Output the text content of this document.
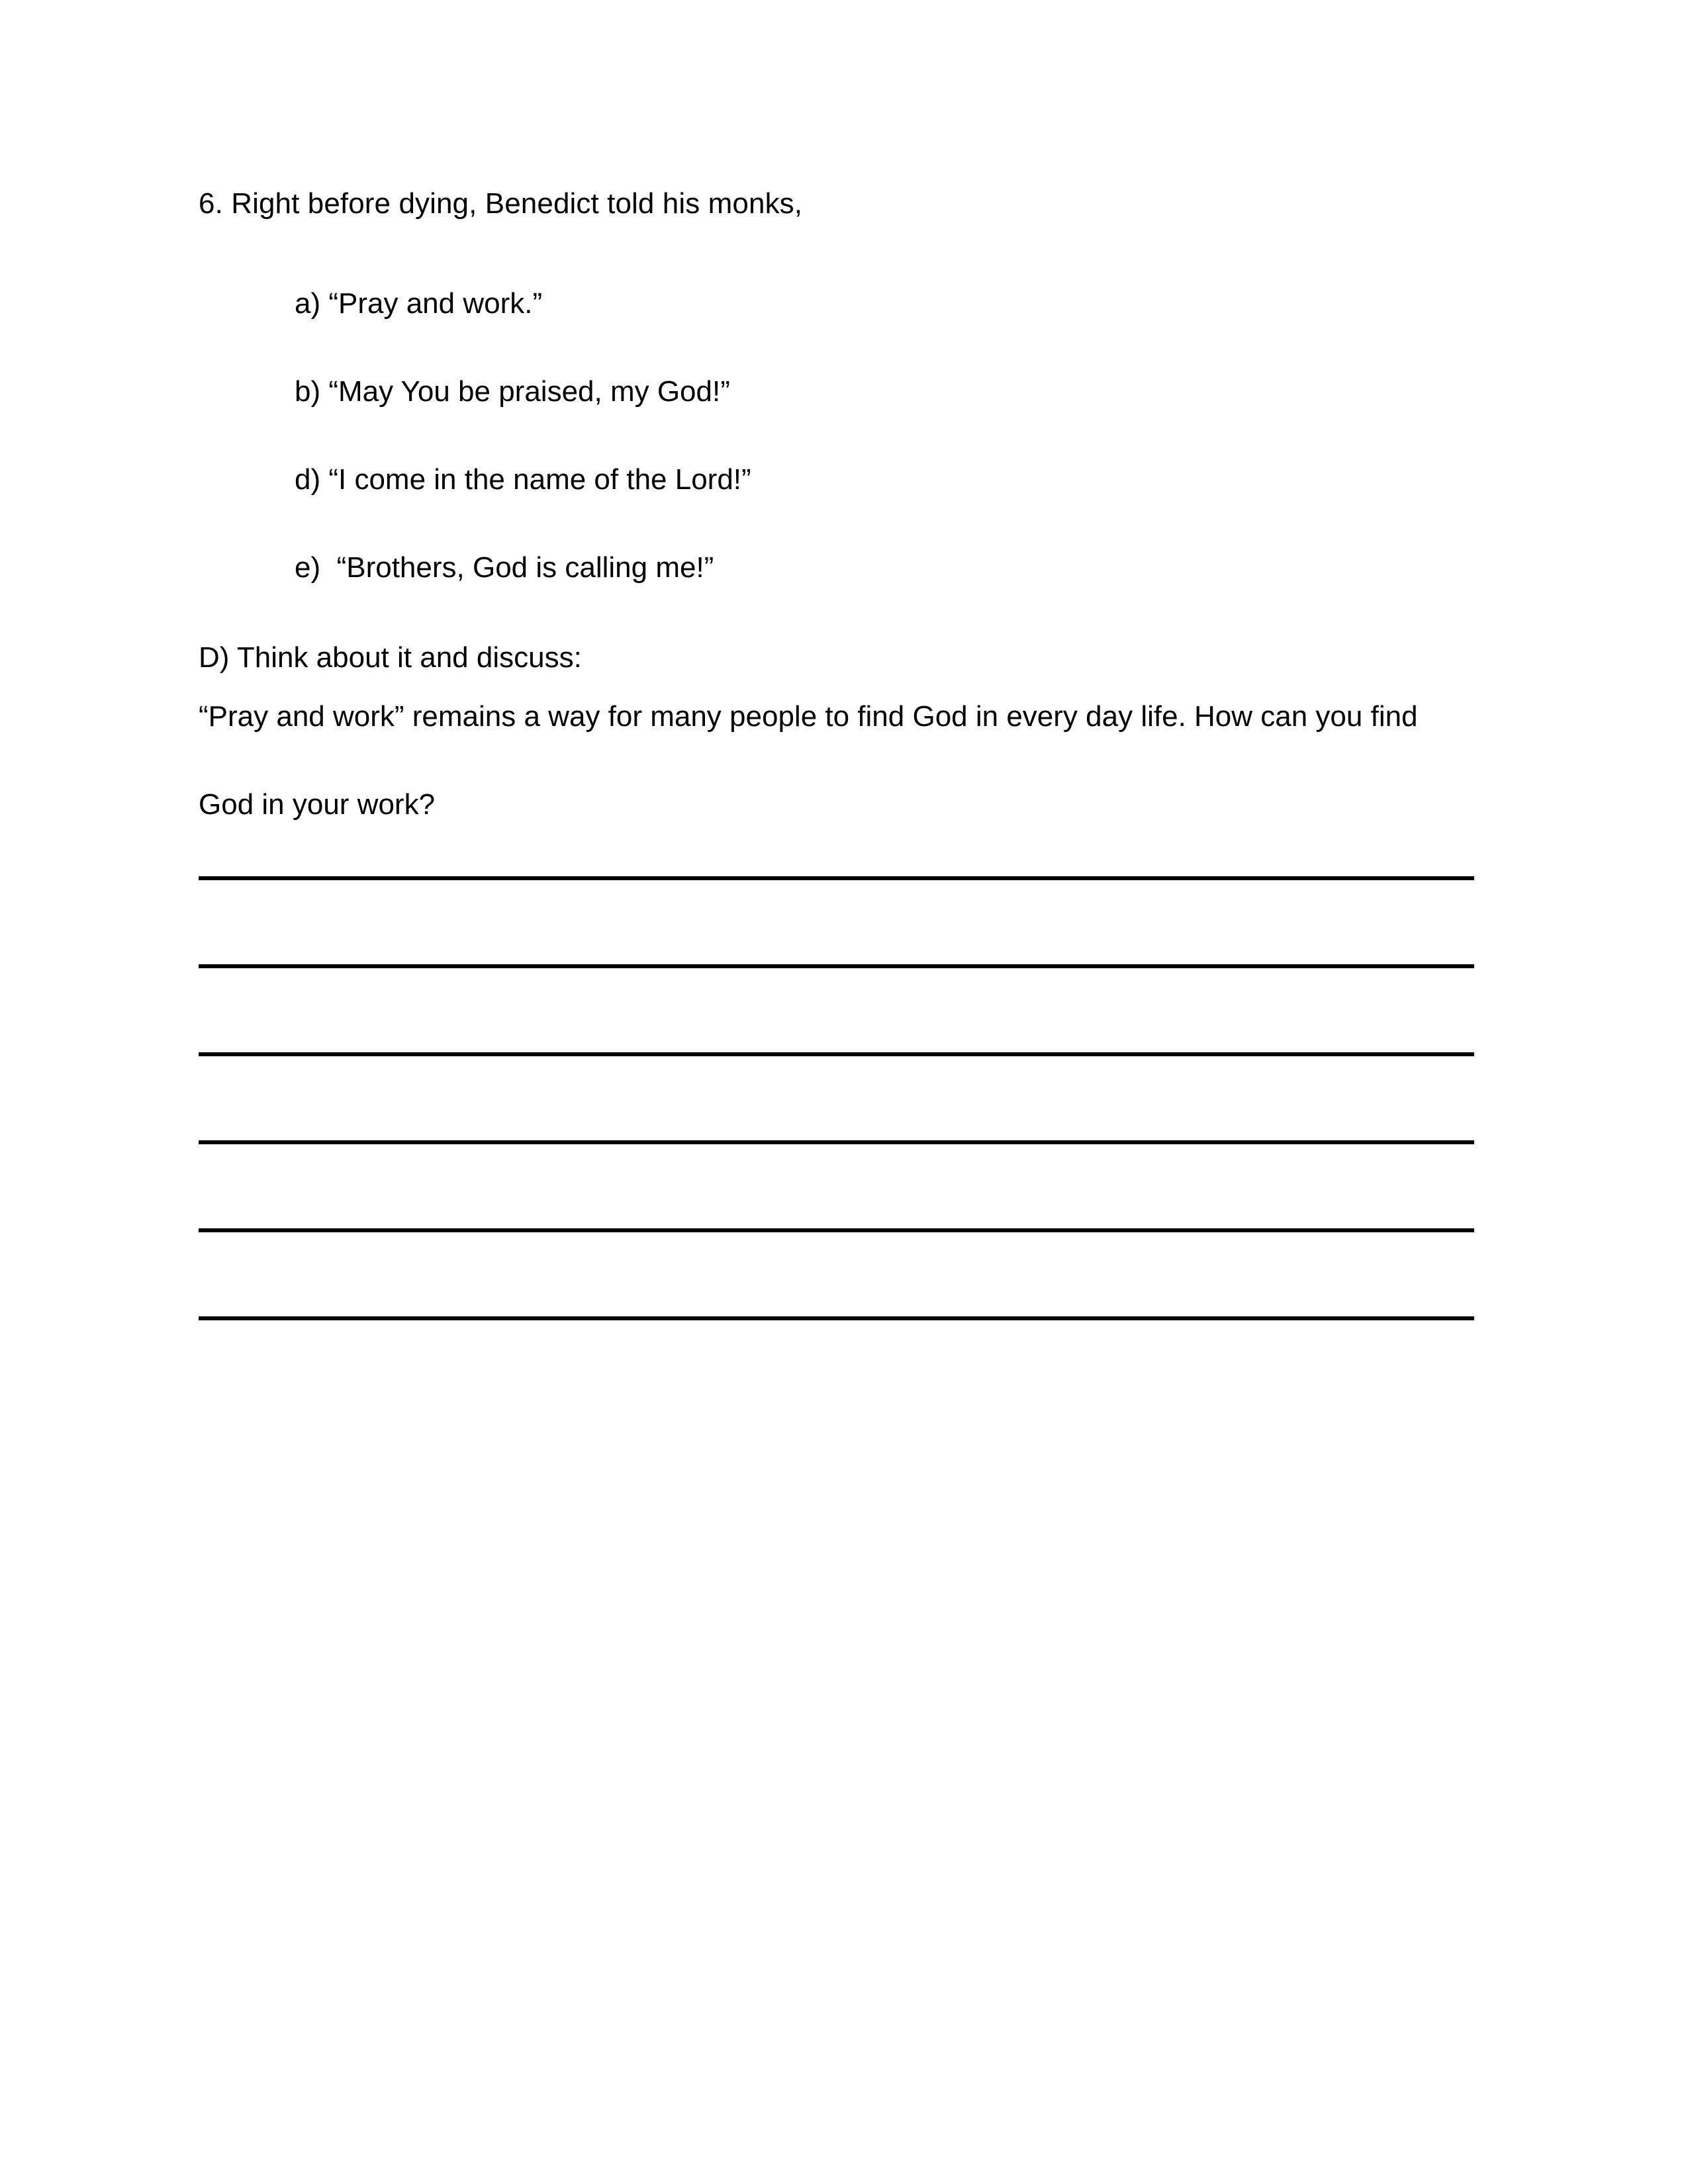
6. Right before dying, Benedict told his monks,
a) “Pray and work.”
b) “May You be praised, my God!”
d) “I come in the name of the Lord!”
e)  “Brothers, God is calling me!”
D) Think about it and discuss:
“Pray and work” remains a way for many people to find God in every day life. How can you find God in your work?
